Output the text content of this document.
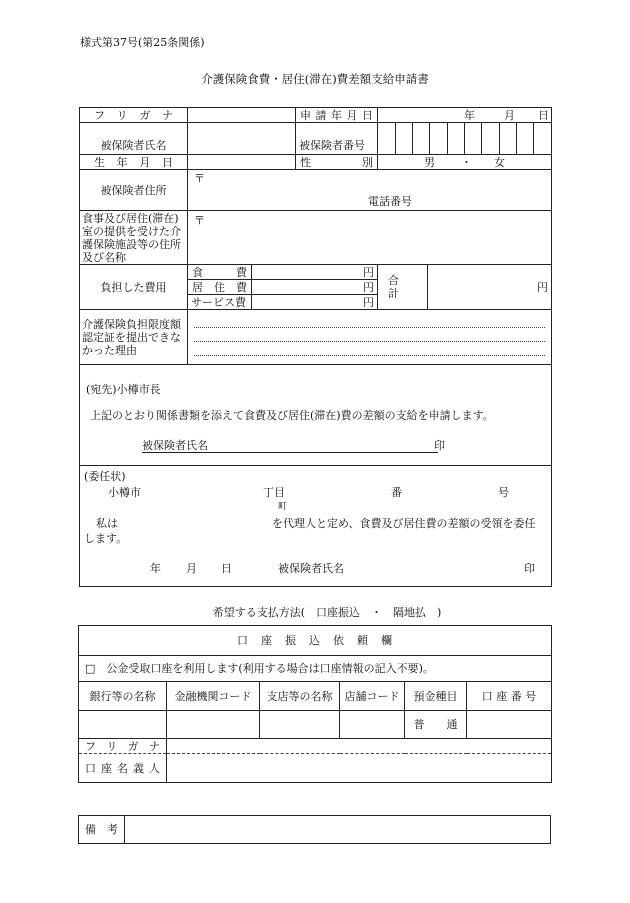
様式第37号(第25条関係)
介護保険食費・居住(滞在)費差額支給申請書
フ リ ガ ナ		申請年月日	年	月 日

被保険者氏名		被保険者番号	

生 年 月 日		性　　別	男 ・ 女

被保険者住所	
〒
電話番号

食事及び居住(滞在)室の提供を受けた介護保険施設等の住所及び名称	
〒

負担した費用	食　　費	円	合　計	円
居 住 費	円
サービス費	円
介護保険負担限度額認定証を提出できなかった理由	

(宛先)小樽市長
上記のとおり関係書類を添えて食費及び居住(滞在)費の差額の支給を申請します。
被保険者氏名	印

(委任状)
小樽市	丁目
町
番	号
私は	を代理人と定め、食費及び居住費の差額の受領を委任
します。
年 月 日	被保険者氏名	印
希望する支払方法(　口座振込　・　隔地払　)
口　座　振　込　依　頼　欄					
□　公金受取口座を利用します(利用する場合は口座情報の記入不要)。					
銀行等の名称	金融機関コード	支店等の名称	店舗コード	預金種目	口 座 番 号
				普　　通	
フ リ ガ ナ					
口 座 名 義 人					
備　考	
